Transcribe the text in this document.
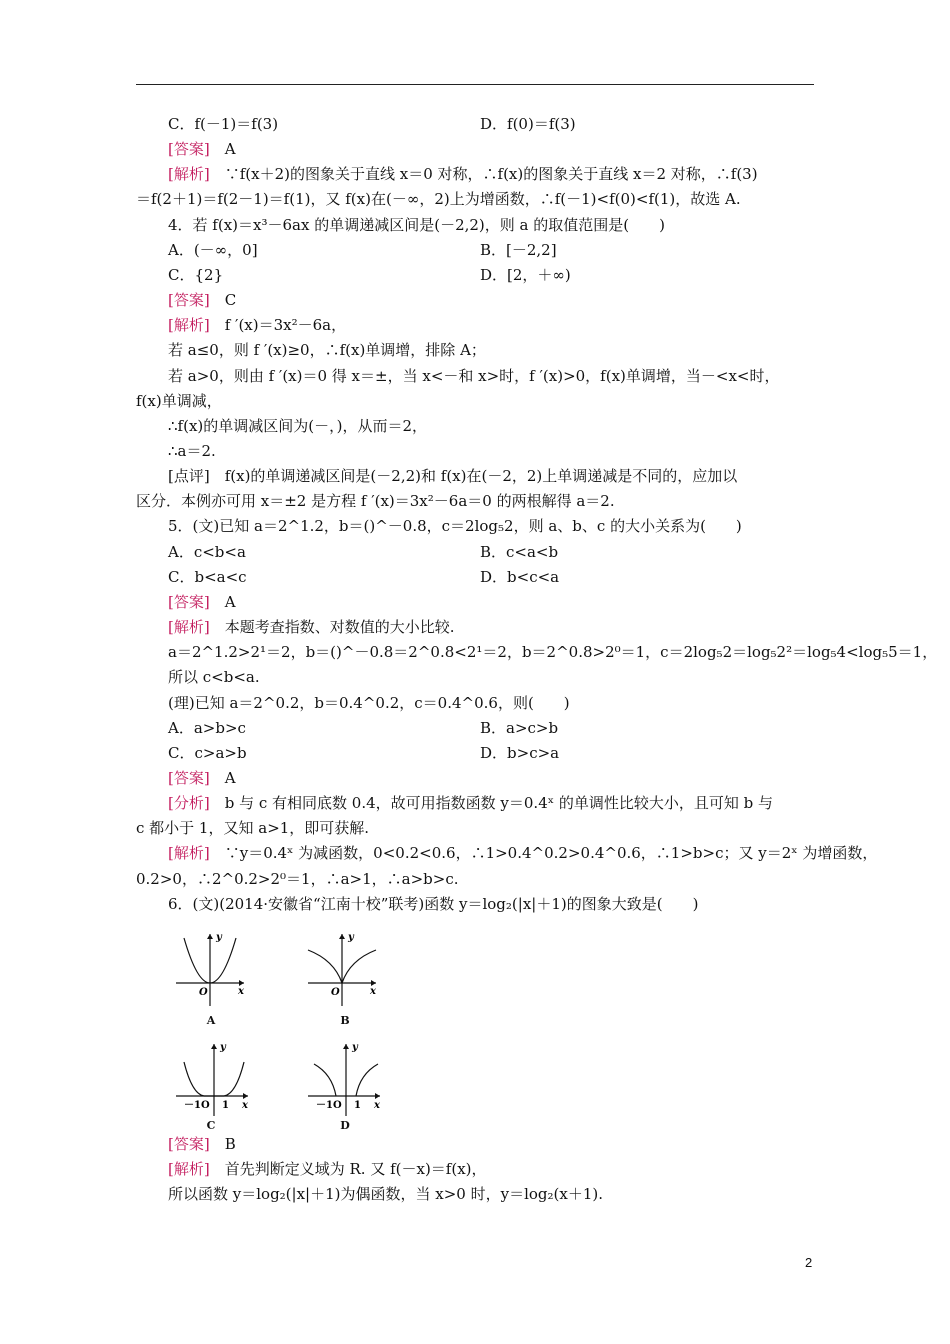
C．f(－1)＝f(3)	D．f(0)＝f(3)
[答案]　A
[解析]　∵f(x＋2)的图象关于直线 x＝0 对称，∴f(x)的图象关于直线 x＝2 对称，∴f(3)
＝f(2＋1)＝f(2－1)＝f(1)，又 f(x)在(－∞，2)上为增函数，∴f(－1)<f(0)<f(1)，故选 A.
4．若 f(x)＝x³－6ax 的单调递减区间是(－2,2)，则 a 的取值范围是(　　)
A．(－∞，0]	B．[－2,2]
C．{2}	D．[2，＋∞)
[答案]　C
[解析]　f ′(x)＝3x²－6a，
若 a≤0，则 f ′(x)≥0，∴f(x)单调增，排除 A；
若 a>0，则由 f ′(x)＝0 得 x＝±，当 x<－和 x>时，f ′(x)>0，f(x)单调增，当－<x<时，
f(x)单调减，
∴f(x)的单调减区间为(－，)，从而＝2，
∴a＝2.
[点评]　f(x)的单调递减区间是(－2,2)和 f(x)在(－2，2)上单调递减是不同的，应加以
区分．本例亦可用 x＝±2 是方程 f ′(x)＝3x²－6a＝0 的两根解得 a＝2.
5．(文)已知 a＝2^1.2，b＝()^－0.8，c＝2log₅2，则 a、b、c 的大小关系为(　　)
A．c<b<a	B．c<a<b
C．b<a<c	D．b<c<a
[答案]　A
[解析]　本题考查指数、对数值的大小比较.
a＝2^1.2>2¹＝2，b＝()^－0.8＝2^0.8<2¹＝2，b＝2^0.8>2⁰＝1，c＝2log₅2＝log₅2²＝log₅4<log₅5＝1，
所以 c<b<a.
(理)已知 a＝2^0.2，b＝0.4^0.2，c＝0.4^0.6，则(　　)
A．a>b>c	B．a>c>b
C．c>a>b	D．b>c>a
[答案]　A
[分析]　b 与 c 有相同底数 0.4，故可用指数函数 y＝0.4ˣ 的单调性比较大小，且可知 b 与
c 都小于 1，又知 a>1，即可获解.
[解析]　∵y＝0.4ˣ 为减函数，0<0.2<0.6，∴1>0.4^0.2>0.4^0.6，∴1>b>c；又 y＝2ˣ 为增函数，
0.2>0，∴2^0.2>2⁰＝1，∴a>1，∴a>b>c.
6．(文)(2014·安徽省“江南十校”联考)函数 y＝log₂(|x|＋1)的图象大致是(　　)
[答案]　B
[解析]　首先判断定义域为 R. 又 f(－x)＝f(x)，
所以函数 y＝log₂(|x|＋1)为偶函数，当 x>0 时，y＝log₂(x＋1).
y
x
O
A
y
x
O
B
y
x
－1O 1
C
y
x
－1O 1
D
2
